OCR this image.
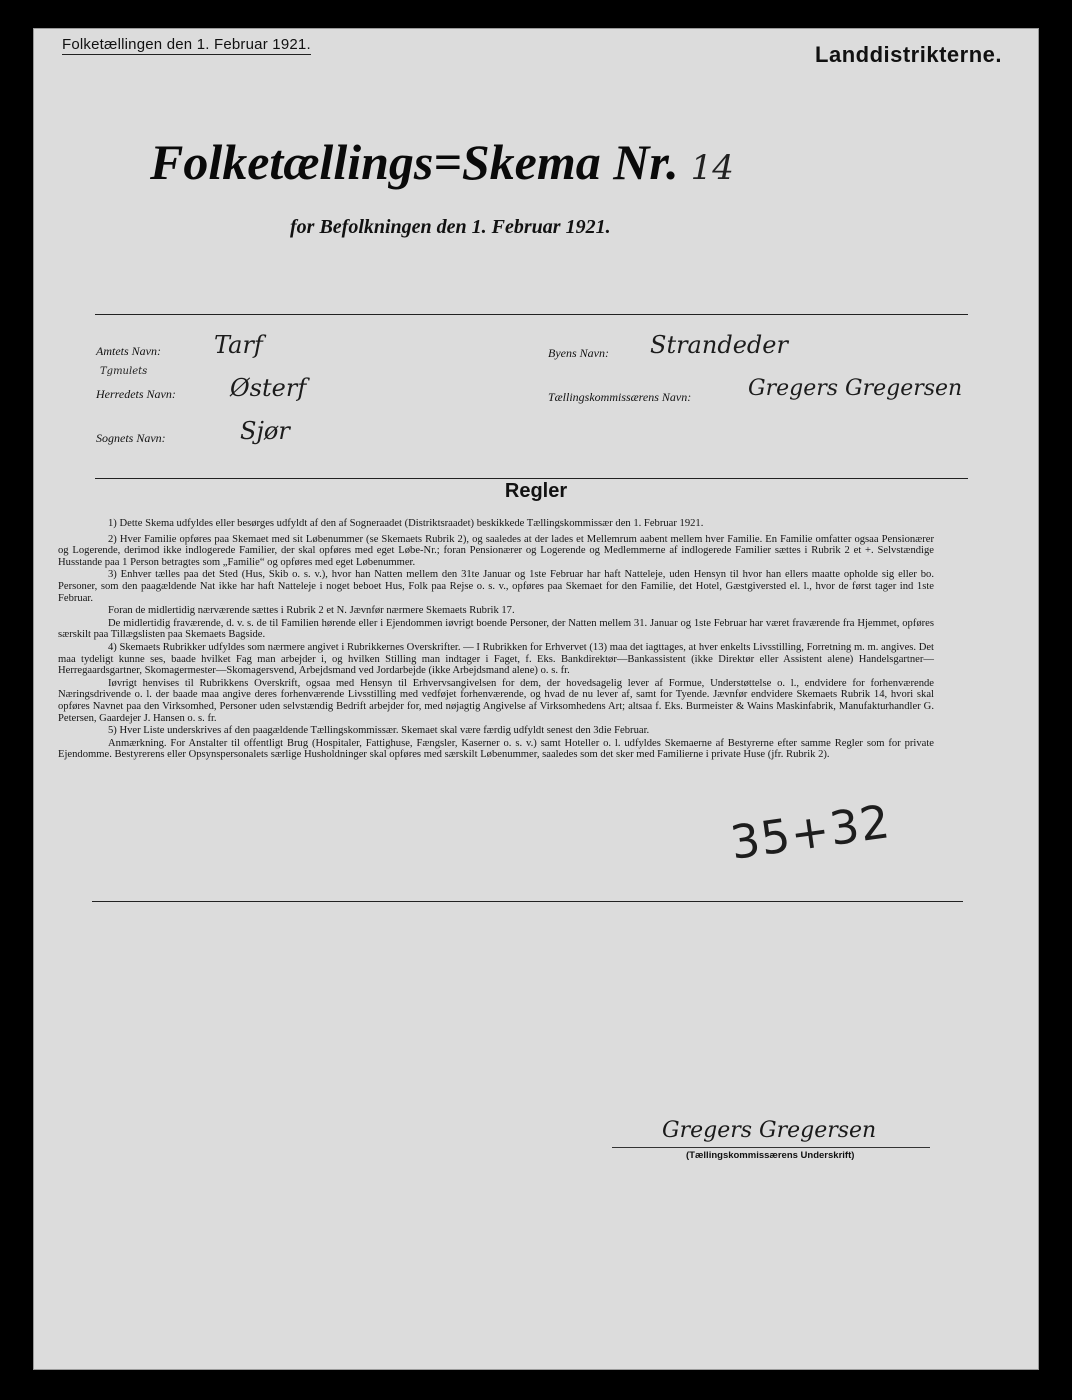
Folketællingen den 1. Februar 1921.	Landdistrikterne.
Folketællings=Skema Nr. 14
for Befolkningen den 1. Februar 1921.
Amtets Navn: Tarf
Tgmulets
Herredets Navn: Østerf
Sognets Navn:	Sjør
Byens Navn: Strandeder
Tællingskommissærens Navn:	Gregers Gregersen
Regler

1) Dette Skema udfyldes eller besørges udfyldt af den af Sogneraadet (Distriktsraadet) beskikkede Tællingskommissær den 1. Februar 1921.

2) Hver Familie opføres paa Skemaet med sit Løbenummer (se Skemaets Rubrik 2), og saaledes at der lades et Mellemrum aabent mellem hver Familie. En Familie omfatter ogsaa Pensionærer og Logerende, derimod ikke indlogerede Familier, der skal opføres med eget Løbe-Nr.; foran Pensionærer og Logerende og Medlemmerne af indlogerede Familier sættes i Rubrik 2 et +. Selvstændige Husstande paa 1 Person betragtes som „Familie“ og opføres med eget Løbenummer.

3) Enhver tælles paa det Sted (Hus, Skib o. s. v.), hvor han Natten mellem den 31te Januar og 1ste Februar har haft Natteleje, uden Hensyn til hvor han ellers maatte opholde sig eller bo. Personer, som den paagældende Nat ikke har haft Natteleje i noget beboet Hus, Folk paa Rejse o. s. v., opføres paa Skemaet for den Familie, det Hotel, Gæstgiversted el. l., hvor de først tager ind 1ste Februar.

Foran de midlertidig nærværende sættes i Rubrik 2 et N. Jævnfør nærmere Skemaets Rubrik 17.

De midlertidig fraværende, d. v. s. de til Familien hørende eller i Ejendommen iøvrigt boende Personer, der Natten mellem 31. Januar og 1ste Februar har været fraværende fra Hjemmet, opføres særskilt paa Tillægslisten paa Skemaets Bagside.

4) Skemaets Rubrikker udfyldes som nærmere angivet i Rubrikkernes Overskrifter. — I Rubrikken for Erhvervet (13) maa det iagttages, at hver enkelts Livsstilling, Forretning m. m. angives. Det maa tydeligt kunne ses, baade hvilket Fag man arbejder i, og hvilken Stilling man indtager i Faget, f. Eks. Bankdirektør—Bankassistent (ikke Direktør eller Assistent alene) Handelsgartner—Herregaardsgartner, Skomagermester—Skomagersvend, Arbejdsmand ved Jordarbejde (ikke Arbejdsmand alene) o. s. fr.

Iøvrigt henvises til Rubrikkens Overskrift, ogsaa med Hensyn til Erhvervsangivelsen for dem, der hovedsagelig lever af Formue, Understøttelse o. l., endvidere for forhenværende Næringsdrivende o. l. der baade maa angive deres forhenværende Livsstilling med vedføjet forhenværende, og hvad de nu lever af, samt for Tyende. Jævnfør endvidere Skemaets Rubrik 14, hvori skal opføres Navnet paa den Virksomhed, Personer uden selvstændig Bedrift arbejder for, med nøjagtig Angivelse af Virksomhedens Art; altsaa f. Eks. Burmeister & Wains Maskinfabrik, Manufakturhandler G. Petersen, Gaardejer J. Hansen o. s. fr.

5) Hver Liste underskrives af den paagældende Tællingskommissær. Skemaet skal være færdig udfyldt senest den 3die Februar.

Anmærkning. For Anstalter til offentligt Brug (Hospitaler, Fattighuse, Fængsler, Kaserner o. s. v.) samt Hoteller o. l. udfyldes Skemaerne af Bestyrerne efter samme Regler som for private Ejendomme. Bestyrerens eller Opsynspersonalets særlige Husholdninger skal opføres med særskilt Løbenummer, saaledes som det sker med Familierne i private Huse (jfr. Rubrik 2).

35+32
Gregers Gregersen
(Tællingskommissærens Underskrift)
